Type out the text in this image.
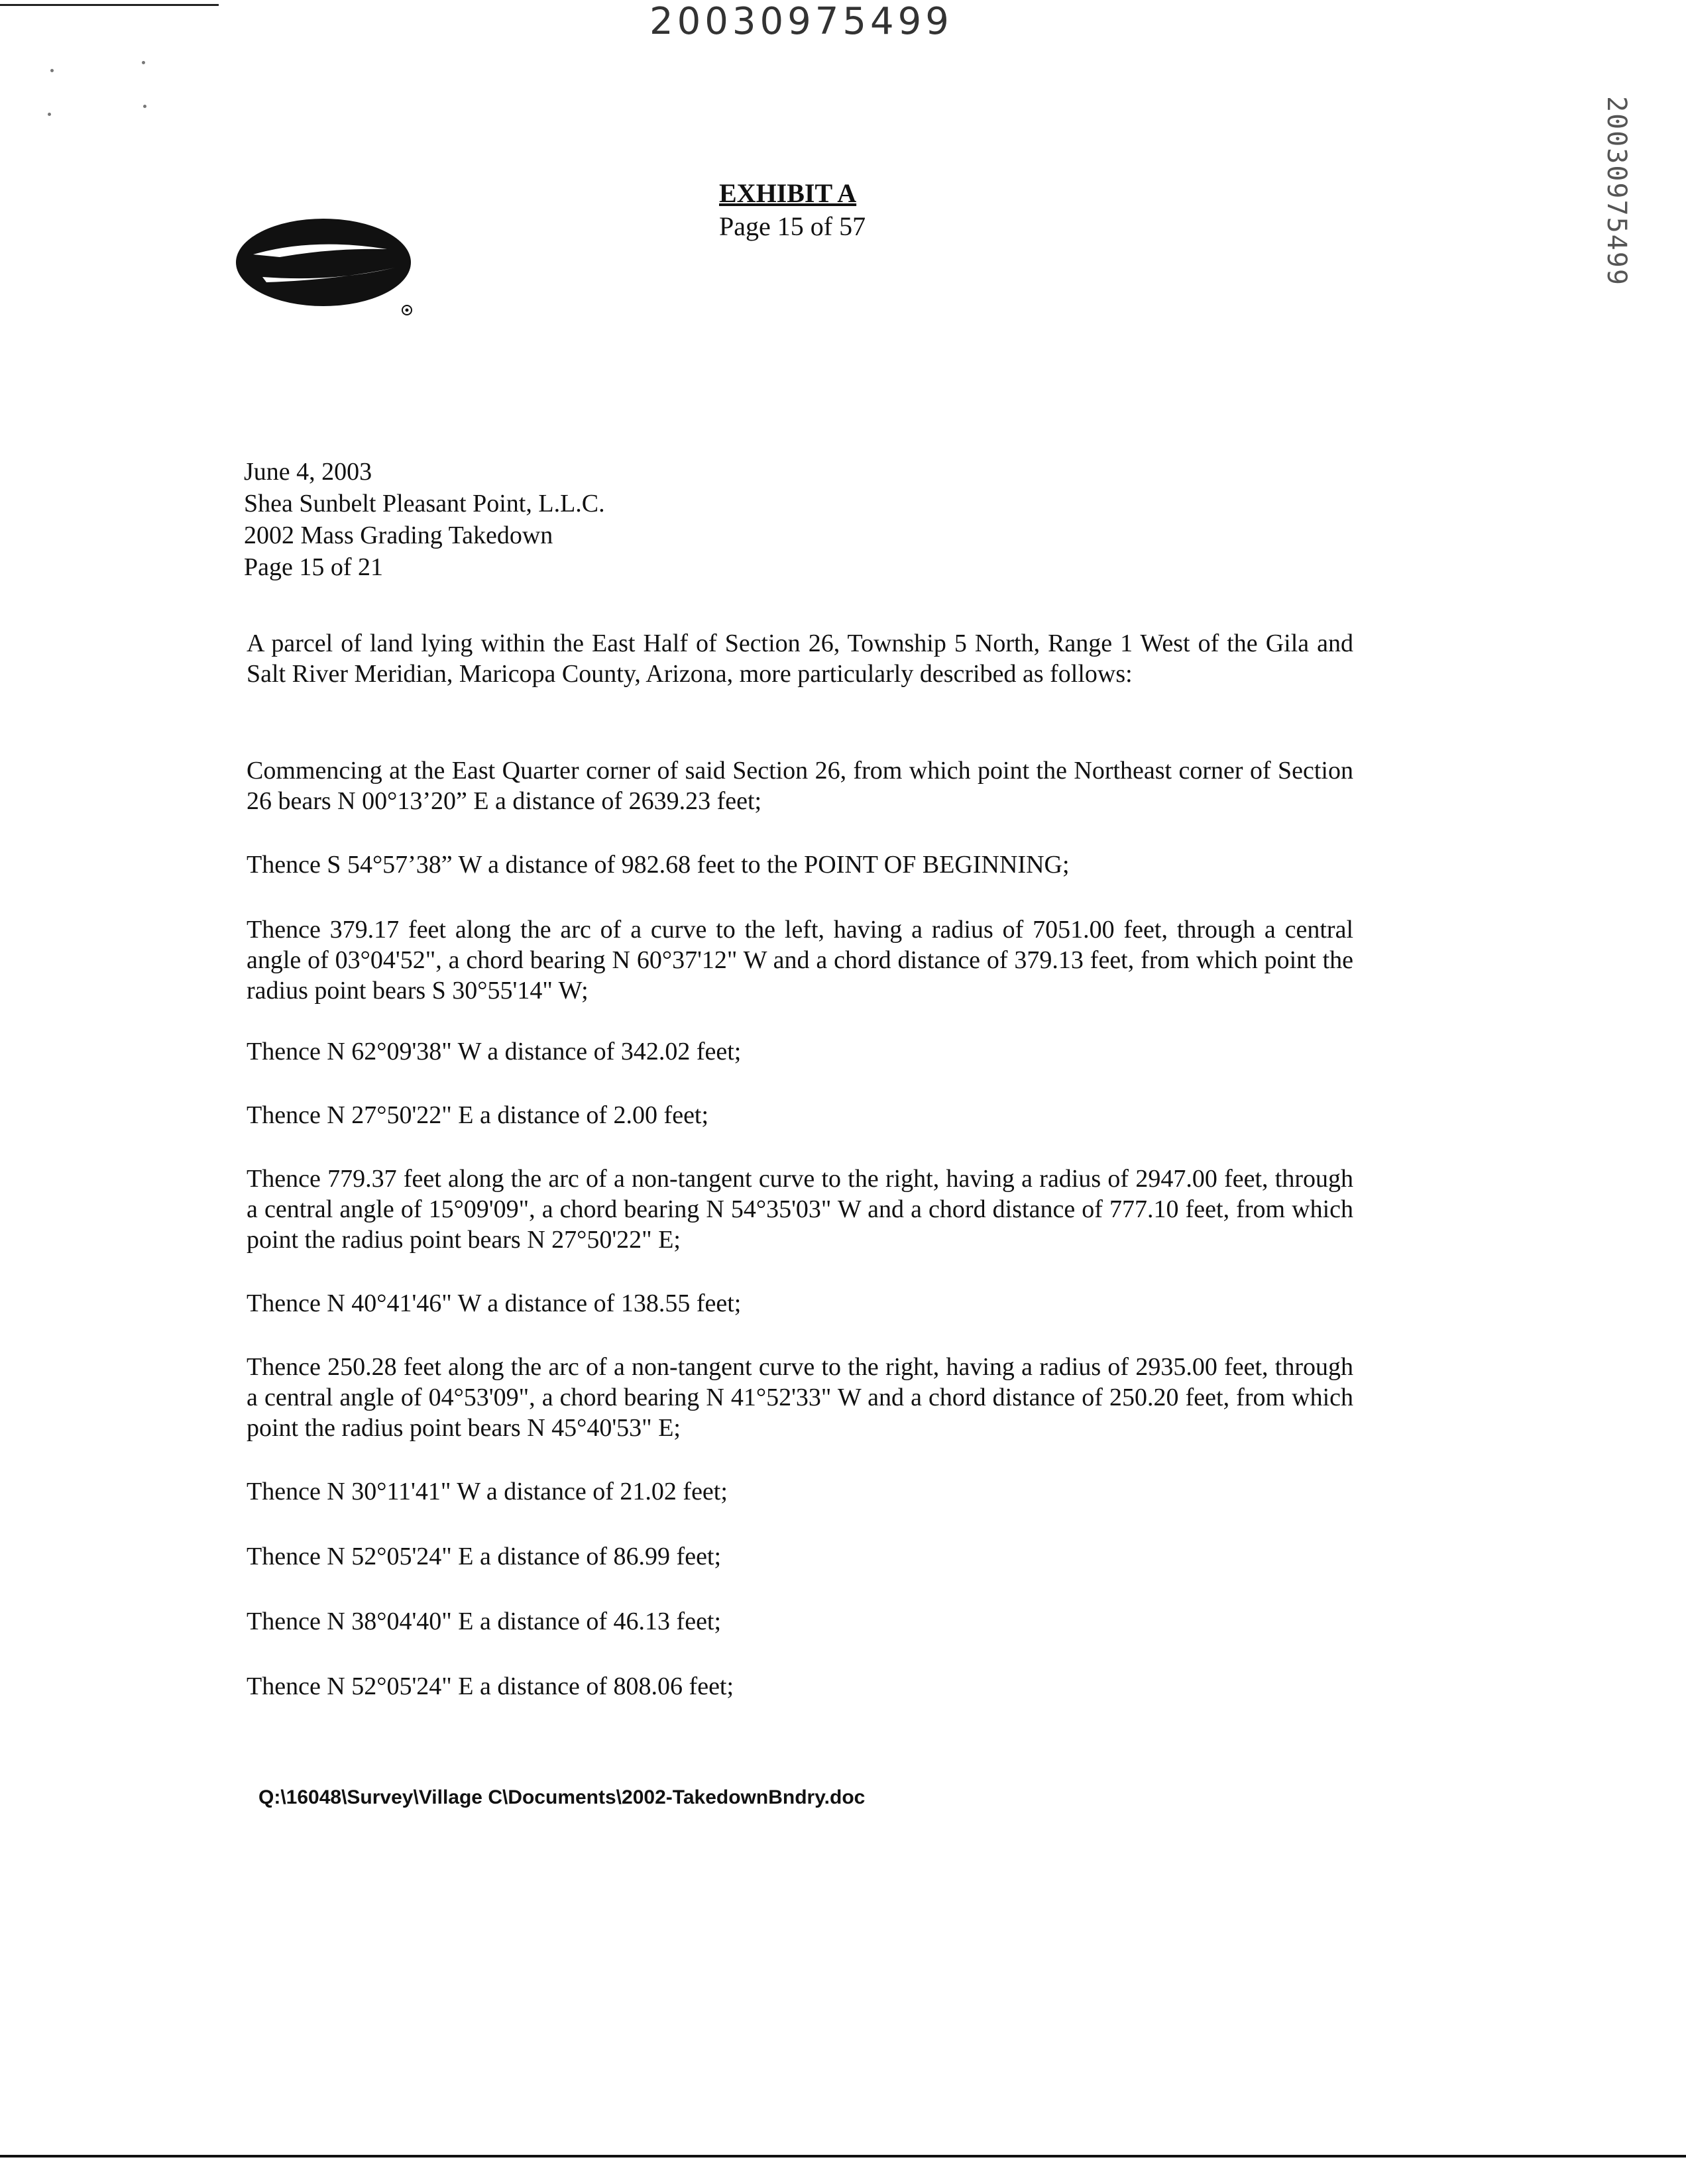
20030975499
20030975499
EXHIBIT A
Page 15 of 57
June 4, 2003
Shea Sunbelt Pleasant Point, L.L.C.
2002 Mass Grading Takedown
Page 15 of 21
A parcel of land lying within the East Half of Section 26, Township 5 North, Range 1 West of the Gila and Salt River Meridian, Maricopa County, Arizona, more particularly described as follows:
Commencing at the East Quarter corner of said Section 26, from which point the Northeast corner of Section 26 bears N 00°13’20” E a distance of 2639.23 feet;
Thence S 54°57’38” W a distance of 982.68 feet to the POINT OF BEGINNING;
Thence 379.17 feet along the arc of a curve to the left, having a radius of 7051.00 feet, through a central angle of 03°04'52", a chord bearing N 60°37'12" W and a chord distance of 379.13 feet, from which point the radius point bears S 30°55'14" W;
Thence N 62°09'38" W a distance of 342.02 feet;
Thence N 27°50'22" E a distance of 2.00 feet;
Thence 779.37 feet along the arc of a non-tangent curve to the right, having a radius of 2947.00 feet, through a central angle of 15°09'09", a chord bearing N 54°35'03" W and a chord distance of 777.10 feet, from which point the radius point bears N 27°50'22" E;
Thence N 40°41'46" W a distance of 138.55 feet;
Thence 250.28 feet along the arc of a non-tangent curve to the right, having a radius of 2935.00 feet, through a central angle of 04°53'09", a chord bearing N 41°52'33" W and a chord distance of 250.20 feet, from which point the radius point bears N 45°40'53" E;
Thence N 30°11'41" W a distance of 21.02 feet;
Thence N 52°05'24" E a distance of 86.99 feet;
Thence N 38°04'40" E a distance of 46.13 feet;
Thence N 52°05'24" E a distance of 808.06 feet;
Q:\16048\Survey\Village C\Documents\2002-TakedownBndry.doc
